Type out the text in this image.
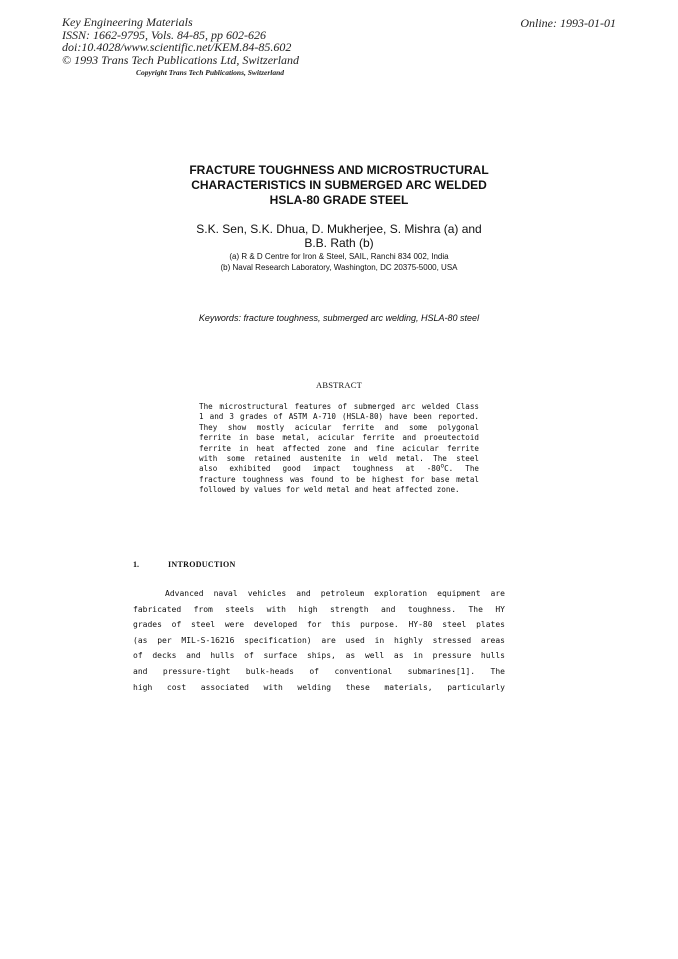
Key Engineering Materials
ISSN: 1662-9795, Vols. 84-85, pp 602-626
doi:10.4028/www.scientific.net/KEM.84-85.602
© 1993 Trans Tech Publications Ltd, Switzerland
Online: 1993-01-01
Copyright Trans Tech Publications, Switzerland
FRACTURE TOUGHNESS AND MICROSTRUCTURAL
CHARACTERISTICS IN SUBMERGED ARC WELDED
HSLA-80 GRADE STEEL
S.K. Sen, S.K. Dhua, D. Mukherjee, S. Mishra (a) and
B.B. Rath (b)
(a) R & D Centre for Iron & Steel, SAIL, Ranchi 834 002, India
(b) Naval Research Laboratory, Washington, DC 20375-5000, USA
Keywords: fracture toughness, submerged arc welding, HSLA-80 steel
ABSTRACT
The microstructural features of submerged arc welded Class
1 and 3 grades of ASTM A-710 (HSLA-80) have been reported.
They show mostly acicular ferrite and some polygonal
ferrite in base metal, acicular ferrite and proeutectoid
ferrite in heat affected zone and fine acicular ferrite
with some retained austenite in weld metal. The steel
also exhibited good impact toughness at -80$^o$C. The
fracture toughness was found to be highest for base metal
followed by values for weld metal and heat affected zone.
1.	INTRODUCTION
Advanced naval vehicles and petroleum exploration equipment are
fabricated from steels with high strength and toughness. The HY
grades of steel were developed for this purpose. HY-80 steel plates
(as per MIL-S-16216 specification) are used in highly stressed areas
of decks and hulls of surface ships, as well as in pressure hulls
and pressure-tight bulk-heads of conventional submarines[1]. The
high cost associated with welding these materials, particularly
